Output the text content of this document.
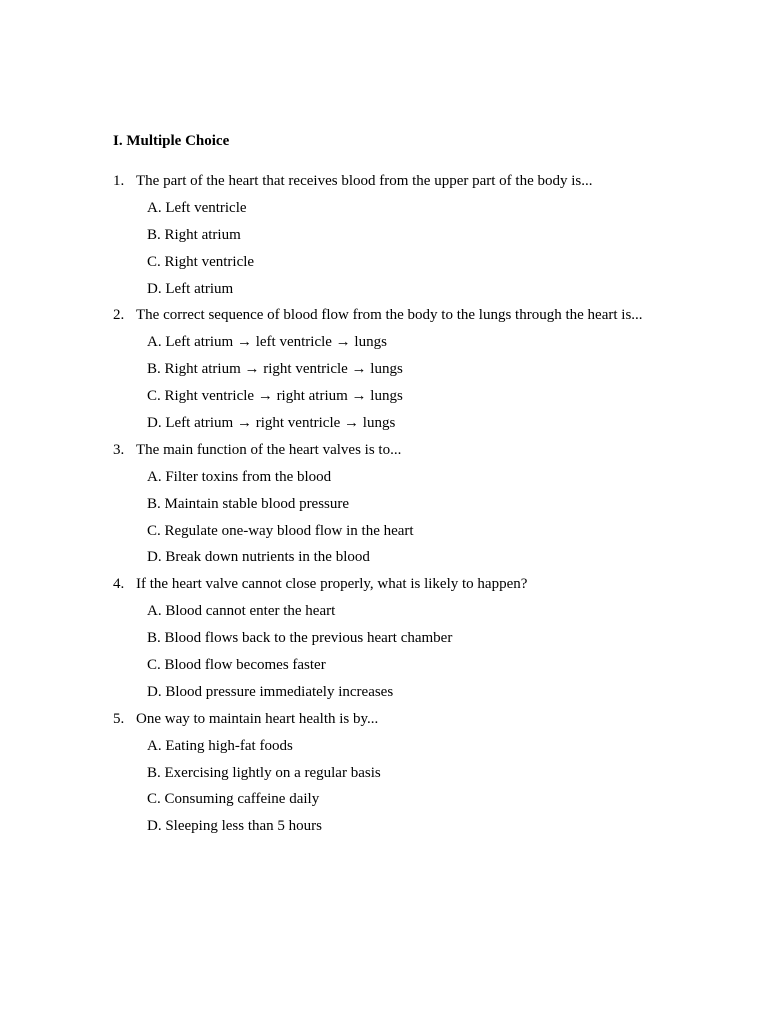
I. Multiple Choice
1. The part of the heart that receives blood from the upper part of the body is...
A. Left ventricle
B. Right atrium
C. Right ventricle
D. Left atrium
2. The correct sequence of blood flow from the body to the lungs through the heart is...
A. Left atrium → left ventricle → lungs
B. Right atrium → right ventricle → lungs
C. Right ventricle → right atrium → lungs
D. Left atrium → right ventricle → lungs
3. The main function of the heart valves is to...
A. Filter toxins from the blood
B. Maintain stable blood pressure
C. Regulate one-way blood flow in the heart
D. Break down nutrients in the blood
4. If the heart valve cannot close properly, what is likely to happen?
A. Blood cannot enter the heart
B. Blood flows back to the previous heart chamber
C. Blood flow becomes faster
D. Blood pressure immediately increases
5. One way to maintain heart health is by...
A. Eating high-fat foods
B. Exercising lightly on a regular basis
C. Consuming caffeine daily
D. Sleeping less than 5 hours
